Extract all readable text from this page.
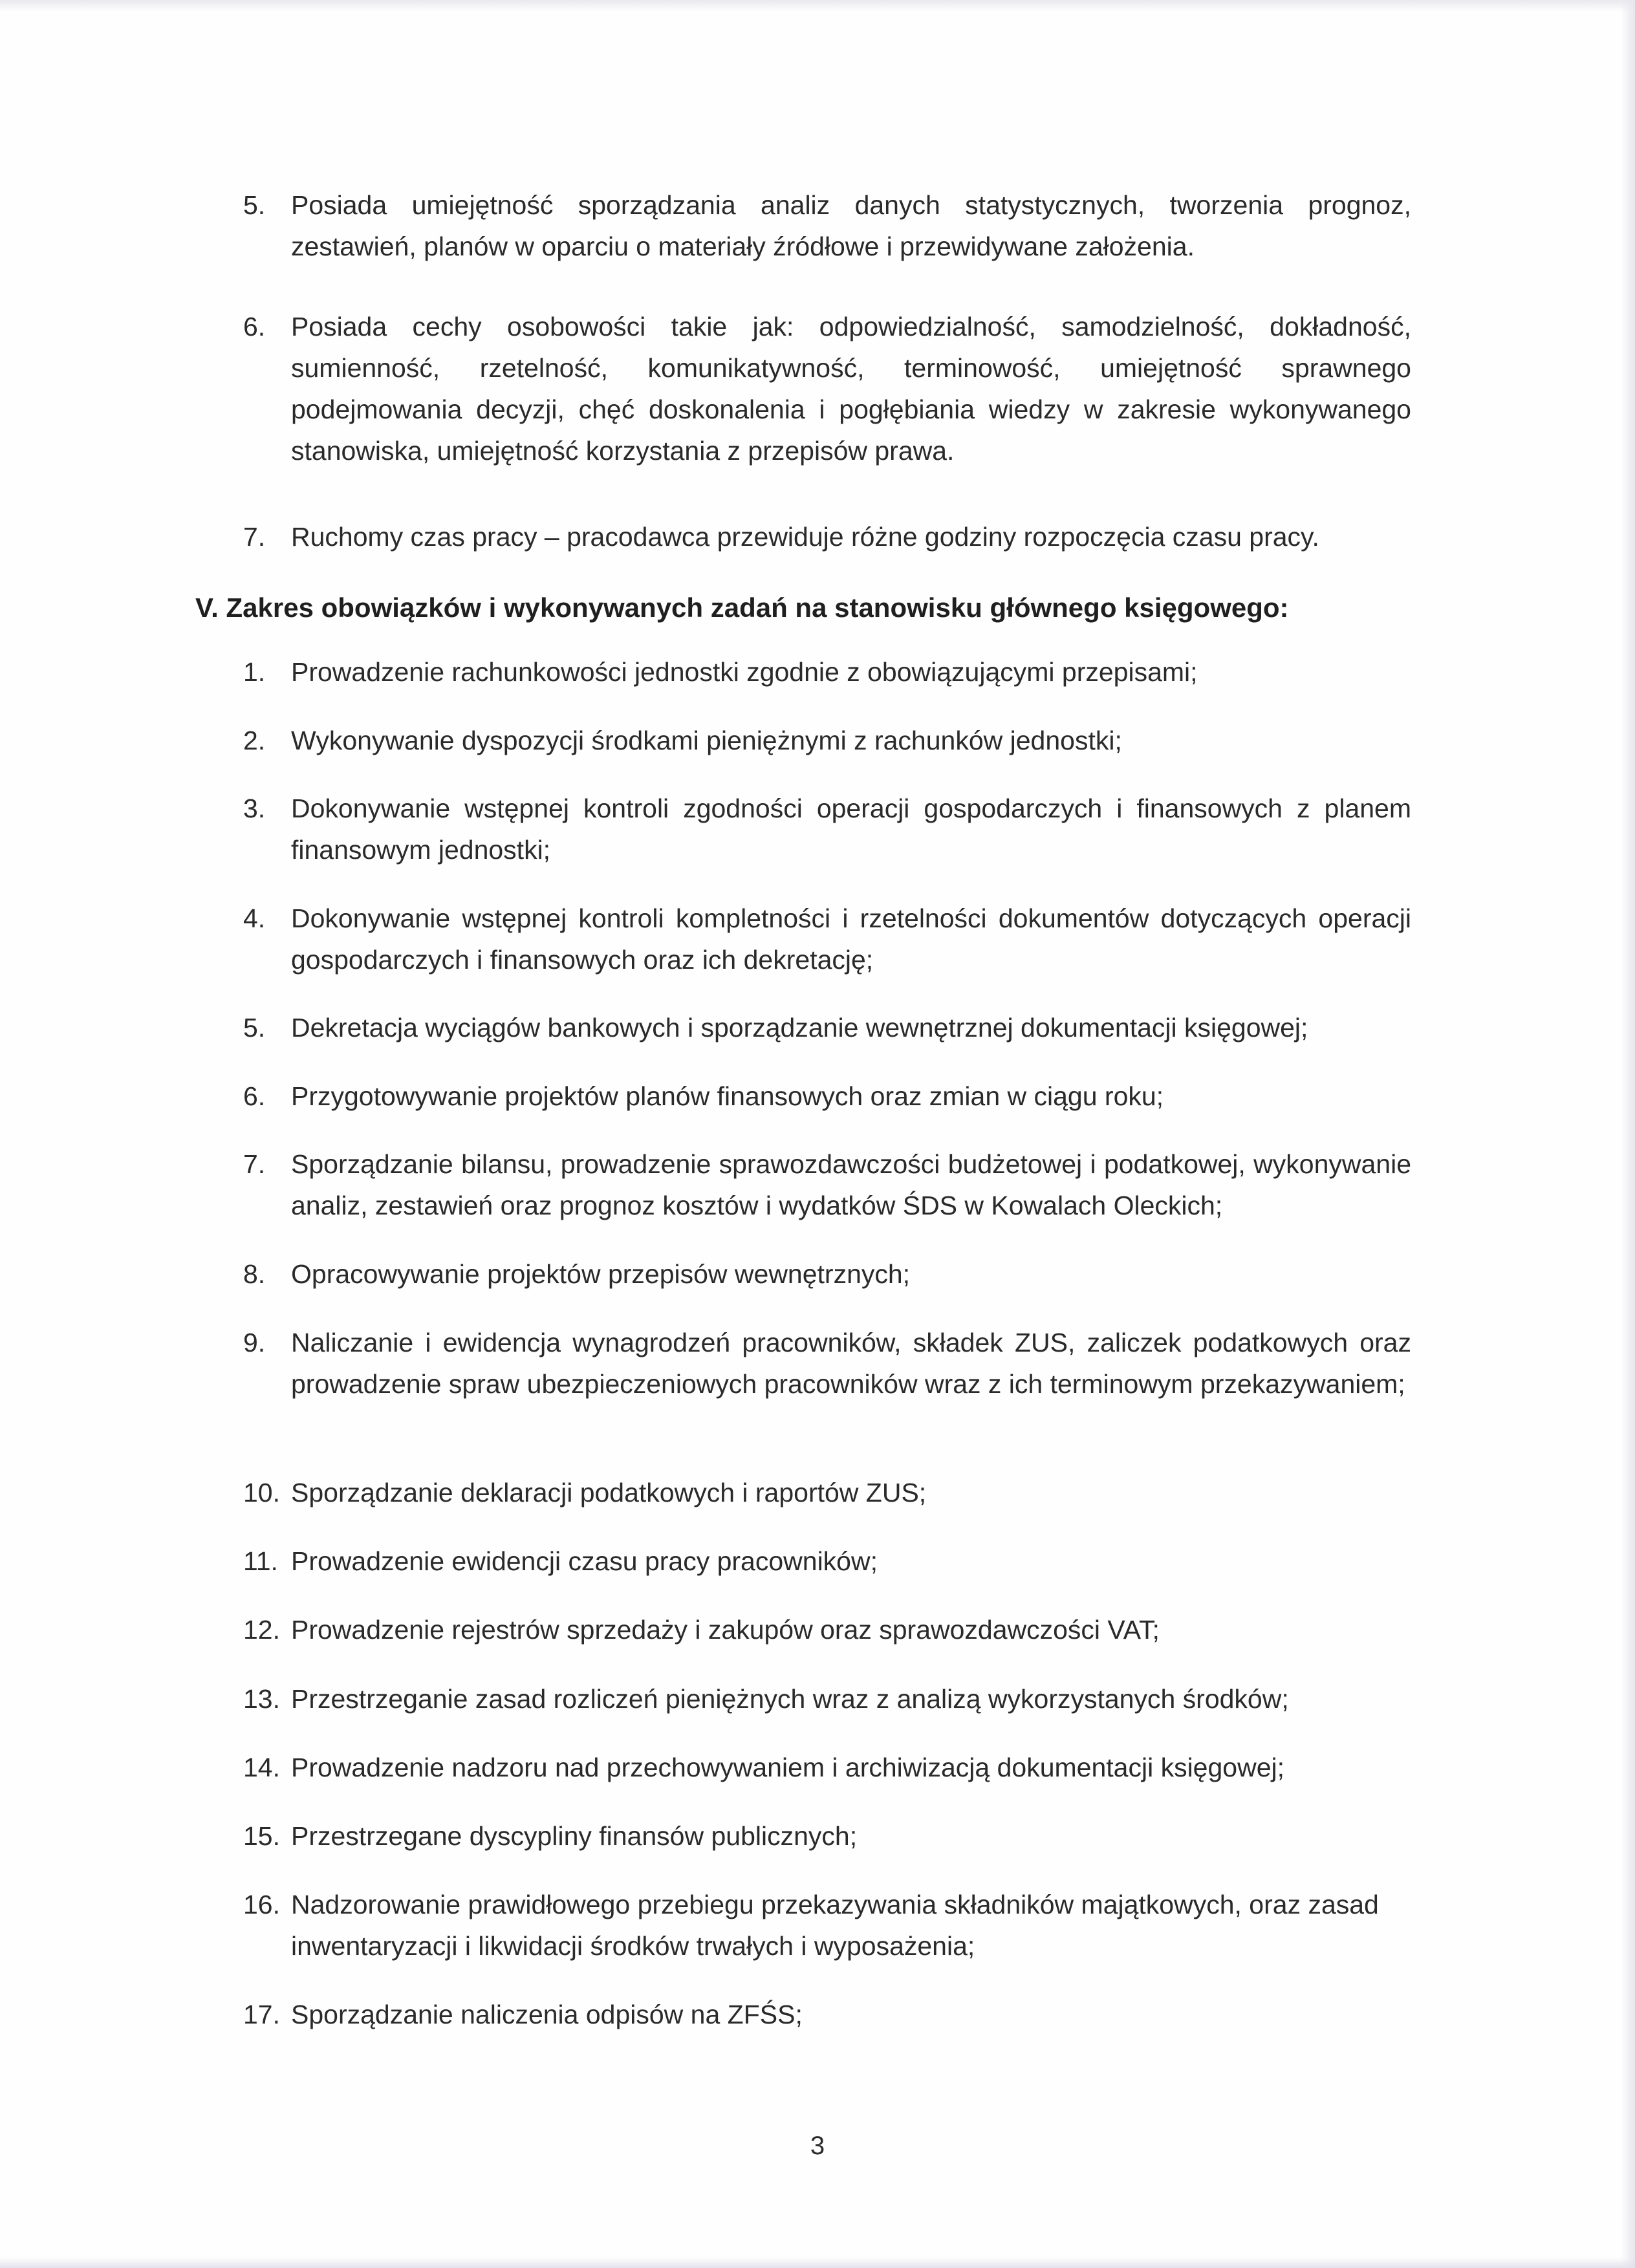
5. Posiada umiejętność sporządzania analiz danych statystycznych, tworzenia prognoz, zestawień, planów w oparciu o materiały źródłowe i przewidywane założenia.
6. Posiada cechy osobowości takie jak: odpowiedzialność, samodzielność, dokładność, sumienność, rzetelność, komunikatywność, terminowość, umiejętność sprawnego podejmowania decyzji, chęć doskonalenia i pogłębiania wiedzy w zakresie wykonywanego stanowiska, umiejętność korzystania z przepisów prawa.
7. Ruchomy czas pracy – pracodawca przewiduje różne godziny rozpoczęcia czasu pracy.
V. Zakres obowiązków i wykonywanych zadań na stanowisku głównego księgowego:
1. Prowadzenie rachunkowości jednostki zgodnie z obowiązującymi przepisami;
2. Wykonywanie dyspozycji środkami pieniężnymi z rachunków jednostki;
3. Dokonywanie wstępnej kontroli zgodności operacji gospodarczych i finansowych z planem finansowym jednostki;
4. Dokonywanie wstępnej kontroli kompletności i rzetelności dokumentów dotyczących operacji gospodarczych i finansowych oraz ich dekretację;
5. Dekretacja wyciągów bankowych i sporządzanie wewnętrznej dokumentacji księgowej;
6. Przygotowywanie projektów planów finansowych oraz zmian w ciągu roku;
7. Sporządzanie bilansu, prowadzenie sprawozdawczości budżetowej i podatkowej, wykonywanie analiz, zestawień oraz prognoz kosztów i wydatków ŚDS w Kowalach Oleckich;
8. Opracowywanie projektów przepisów wewnętrznych;
9. Naliczanie i ewidencja wynagrodzeń pracowników, składek ZUS, zaliczek podatkowych oraz prowadzenie spraw ubezpieczeniowych pracowników wraz z ich terminowym przekazywaniem;
10. Sporządzanie deklaracji podatkowych i raportów ZUS;
11. Prowadzenie ewidencji czasu pracy pracowników;
12. Prowadzenie rejestrów sprzedaży i zakupów oraz sprawozdawczości VAT;
13. Przestrzeganie zasad rozliczeń pieniężnych wraz z analizą wykorzystanych środków;
14. Prowadzenie nadzoru nad przechowywaniem i archiwizacją dokumentacji księgowej;
15. Przestrzegane dyscypliny finansów publicznych;
16. Nadzorowanie prawidłowego przebiegu przekazywania składników majątkowych, oraz zasad inwentaryzacji i likwidacji środków trwałych i wyposażenia;
17. Sporządzanie naliczenia odpisów na ZFŚS;
3
